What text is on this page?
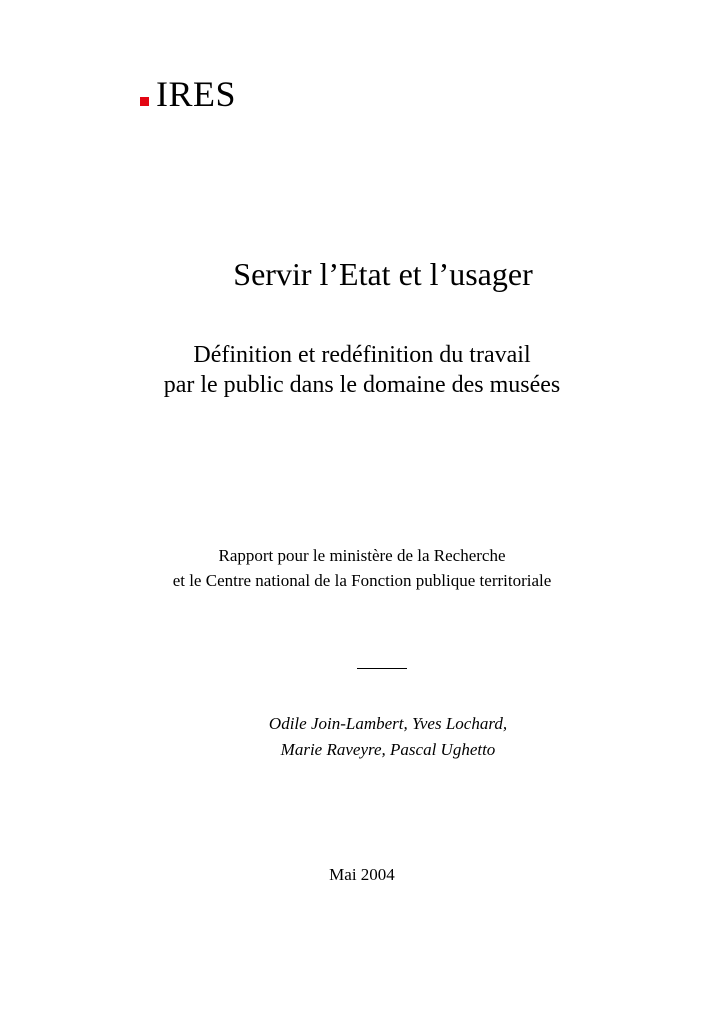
IRES
Servir l’Etat et l’usager
Définition et redéfinition du travail
par le public dans le domaine des musées
Rapport pour le ministère de la Recherche
et le Centre national de la Fonction publique territoriale
Odile Join-Lambert, Yves Lochard,
Marie Raveyre, Pascal Ughetto
Mai 2004
